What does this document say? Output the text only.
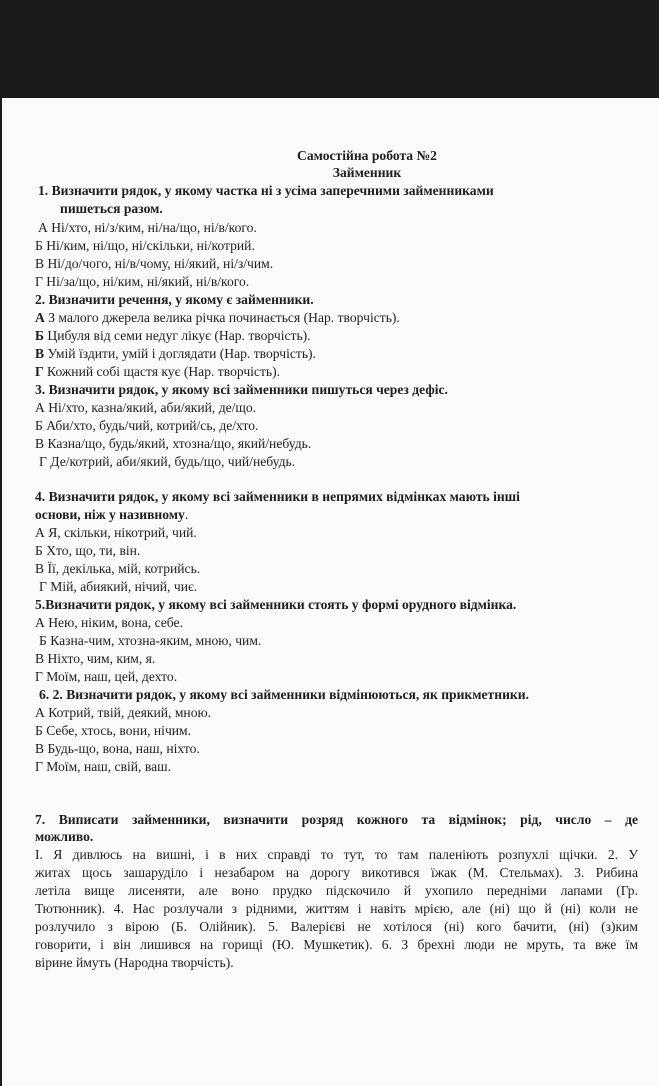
Самостійна робота №2
Займенник
1. Визначити рядок, у якому частка ні з усіма заперечними займенниками
пишеться разом.
А Ні/хто, ні/з/ким, ні/на/що, ні/в/кого.
Б Ні/ким, ні/що, ні/скільки, ні/котрий.
В Ні/до/чого, ні/в/чому, ні/який, ні/з/чим.
Г Ні/за/що, ні/ким, ні/який, ні/в/кого.
2. Визначити речення, у якому є займенники.
А З малого джерела велика річка починається (Нар. творчість).
Б Цибуля від семи недуг лікує (Нар. творчість).
В Умій їздити, умій і доглядати (Нар. творчість).
Г Кожний собі щастя кує (Нар. творчість).
3. Визначити рядок, у якому всі займенники пишуться через дефіс.
А Ні/хто, казна/який, аби/який, де/що.
Б Аби/хто, будь/чий, котрий/сь, де/хто.
В Казна/що, будь/який, хтозна/що, який/небудь.
Г Де/котрий, аби/який, будь/що, чий/небудь.
4. Визначити рядок, у якому всі займенники в непрямих відмінках мають інші
основи, ніж у називному.
А Я, скільки, нікотрий, чий.
Б Хто, що, ти, він.
В Її, декілька, мій, котрийсь.
Г Мій, абиякий, нічий, чиє.
5.Визначити рядок, у якому всі займенники стоять у формі орудного відмінка.
А Нею, ніким, вона, себе.
Б Казна-чим, хтозна-яким, мною, чим.
В Ніхто, чим, ким, я.
Г Моїм, наш, цей, дехто.
6. 2. Визначити рядок, у якому всі займенники відмінюються, як прикметники.
А Котрий, твій, деякий, мною.
Б Себе, хтось, вони, нічим.
В Будь-що, вона, наш, ніхто.
Г Моїм, наш, свій, ваш.
7. Виписати займенники, визначити розряд кожного та відмінок; рід, число – де
можливо.
І. Я дивлюсь на вишні, і в них справді то тут, то там паленіють розпухлі щічки. 2. У
житах щось зашаруділо і незабаром на дорогу викотився їжак (М. Стельмах). 3. Рибина
летіла вище лисеняти, але воно прудко підскочило й ухопило передніми лапами (Гр.
Тютюнник). 4. Нас розлучали з рідними, життям і навіть мрією, але (ні) що й (ні) коли не
розлучило з вірою (Б. Олійник). 5. Валерієві не хотілося (ні) кого бачити, (ні) (з)ким
говорити, і він лишився на горищі (Ю. Мушкетик). 6. З брехні люди не мруть, та вже їм
вірине ймуть (Народна творчість).
